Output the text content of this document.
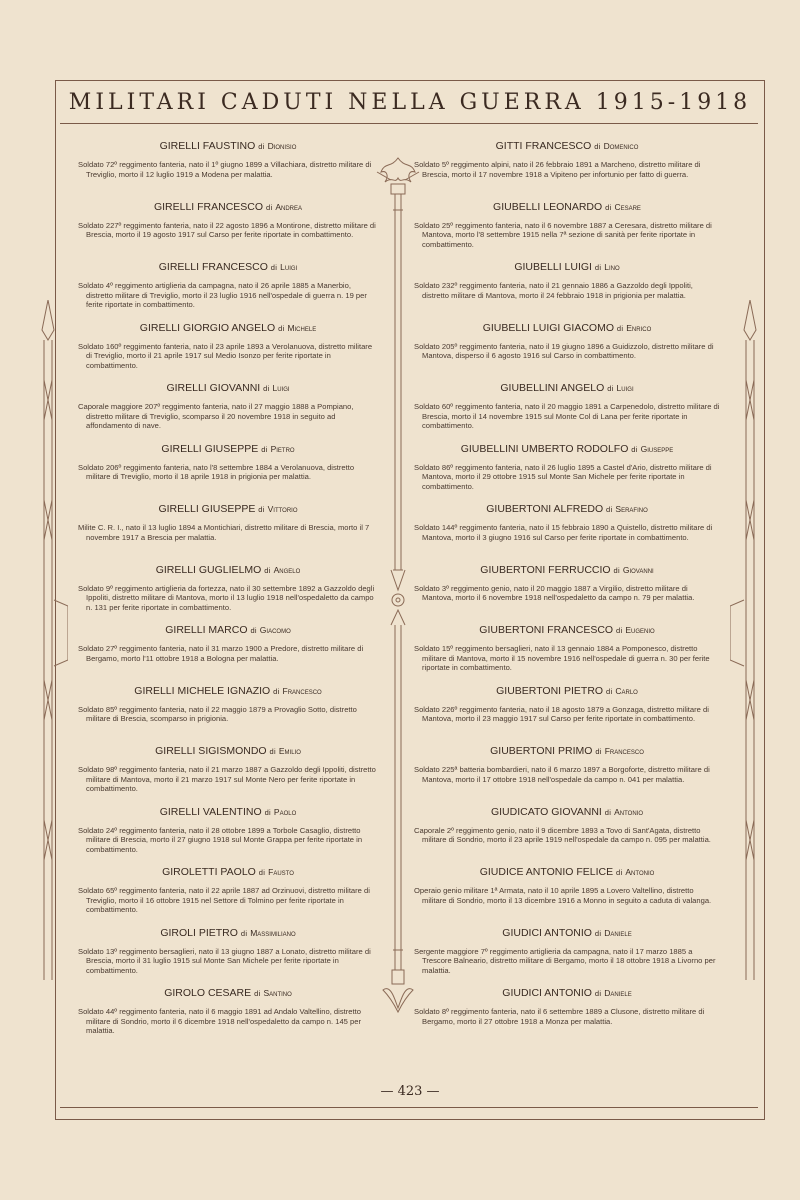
MILITARI CADUTI NELLA GUERRA 1915-1918
GIRELLI FAUSTINO di Dionisio
Soldato 72º reggimento fanteria, nato il 1º giugno 1899 a Villachiara, distretto militare di Treviglio, morto il 12 luglio 1919 a Modena per malattia.
GIRELLI FRANCESCO di Andrea
Soldato 227º reggimento fanteria, nato il 22 agosto 1896 a Montirone, distretto militare di Brescia, morto il 19 agosto 1917 sul Carso per ferite riportate in combattimento.
GIRELLI FRANCESCO di Luigi
Soldato 4º reggimento artiglieria da campagna, nato il 26 aprile 1885 a Manerbio, distretto militare di Treviglio, morto il 23 luglio 1916 nell'ospedale di guerra n. 19 per ferite riportate in combattimento.
GIRELLI GIORGIO ANGELO di Michele
Soldato 160º reggimento fanteria, nato il 23 aprile 1893 a Verolanuova, distretto militare di Treviglio, morto il 21 aprile 1917 sul Medio Isonzo per ferite riportate in combattimento.
GIRELLI GIOVANNI di Luigi
Caporale maggiore 207º reggimento fanteria, nato il 27 maggio 1888 a Pompiano, distretto militare di Treviglio, scomparso il 20 novembre 1918 in seguito ad affondamento di nave.
GIRELLI GIUSEPPE di Pietro
Soldato 206º reggimento fanteria, nato l'8 settembre 1884 a Verolanuova, distretto militare di Treviglio, morto il 18 aprile 1918 in prigionia per malattia.
GIRELLI GIUSEPPE di Vittorio
Milite C. R. I., nato il 13 luglio 1894 a Montichiari, distretto militare di Brescia, morto il 7 novembre 1917 a Brescia per malattia.
GIRELLI GUGLIELMO di Angelo
Soldato 9º reggimento artiglieria da fortezza, nato il 30 settembre 1892 a Gazzoldo degli Ippoliti, distretto militare di Mantova, morto il 13 luglio 1918 nell'ospedaletto da campo n. 131 per ferite riportate in combattimento.
GIRELLI MARCO di Giacomo
Soldato 27º reggimento fanteria, nato il 31 marzo 1900 a Predore, distretto militare di Bergamo, morto l'11 ottobre 1918 a Bologna per malattia.
GIRELLI MICHELE IGNAZIO di Francesco
Soldato 85º reggimento fanteria, nato il 22 maggio 1879 a Provaglio Sotto, distretto militare di Brescia, scomparso in prigionia.
GIRELLI SIGISMONDO di Emilio
Soldato 98º reggimento fanteria, nato il 21 marzo 1887 a Gazzoldo degli Ippoliti, distretto militare di Mantova, morto il 21 marzo 1917 sul Monte Nero per ferite riportate in combattimento.
GIRELLI VALENTINO di Paolo
Soldato 24º reggimento fanteria, nato il 28 ottobre 1899 a Torbole Casaglio, distretto militare di Brescia, morto il 27 giugno 1918 sul Monte Grappa per ferite riportate in combattimento.
GIROLETTI PAOLO di Fausto
Soldato 65º reggimento fanteria, nato il 22 aprile 1887 ad Orzinuovi, distretto militare di Treviglio, morto il 16 ottobre 1915 nel Settore di Tolmino per ferite riportate in combattimento.
GIROLI PIETRO di Massimiliano
Soldato 13º reggimento bersaglieri, nato il 13 giugno 1887 a Lonato, distretto militare di Brescia, morto il 31 luglio 1915 sul Monte San Michele per ferite riportate in combattimento.
GIROLO CESARE di Santino
Soldato 44º reggimento fanteria, nato il 6 maggio 1891 ad Andalo Valtellino, distretto militare di Sondrio, morto il 6 dicembre 1918 nell'ospedaletto da campo n. 145 per malattia.
GITTI FRANCESCO di Domenico
Soldato 5º reggimento alpini, nato il 26 febbraio 1891 a Marcheno, distretto militare di Brescia, morto il 17 novembre 1918 a Vipiteno per infortunio per fatto di guerra.
GIUBELLI LEONARDO di Cesare
Soldato 25º reggimento fanteria, nato il 6 novembre 1887 a Ceresara, distretto militare di Mantova, morto l'8 settembre 1915 nella 7ª sezione di sanità per ferite riportate in combattimento.
GIUBELLI LUIGI di Lino
Soldato 232º reggimento fanteria, nato il 21 gennaio 1886 a Gazzoldo degli Ippoliti, distretto militare di Mantova, morto il 24 febbraio 1918 in prigionia per malattia.
GIUBELLI LUIGI GIACOMO di Enrico
Soldato 205º reggimento fanteria, nato il 19 giugno 1896 a Guidizzolo, distretto militare di Mantova, disperso il 6 agosto 1916 sul Carso in combattimento.
GIUBELLINI ANGELO di Luigi
Soldato 60º reggimento fanteria, nato il 20 maggio 1891 a Carpenedolo, distretto militare di Brescia, morto il 14 novembre 1915 sul Monte Col di Lana per ferite riportate in combattimento.
GIUBELLINI UMBERTO RODOLFO di Giuseppe
Soldato 86º reggimento fanteria, nato il 26 luglio 1895 a Castel d'Ario, distretto militare di Mantova, morto il 29 ottobre 1915 sul Monte San Michele per ferite riportate in combattimento.
GIUBERTONI ALFREDO di Serafino
Soldato 144º reggimento fanteria, nato il 15 febbraio 1890 a Quistello, distretto militare di Mantova, morto il 3 giugno 1916 sul Carso per ferite riportate in combattimento.
GIUBERTONI FERRUCCIO di Giovanni
Soldato 3º reggimento genio, nato il 20 maggio 1887 a Virgilio, distretto militare di Mantova, morto il 6 novembre 1918 nell'ospedaletto da campo n. 79 per malattia.
GIUBERTONI FRANCESCO di Eugenio
Soldato 15º reggimento bersaglieri, nato il 13 gennaio 1884 a Pomponesco, distretto militare di Mantova, morto il 15 novembre 1916 nell'ospedale di guerra n. 30 per ferite riportate in combattimento.
GIUBERTONI PIETRO di Carlo
Soldato 226º reggimento fanteria, nato il 18 agosto 1879 a Gonzaga, distretto militare di Mantova, morto il 23 maggio 1917 sul Carso per ferite riportate in combattimento.
GIUBERTONI PRIMO di Francesco
Soldato 225ª batteria bombardieri, nato il 6 marzo 1897 a Borgoforte, distretto militare di Mantova, morto il 17 ottobre 1918 nell'ospedale da campo n. 041 per malattia.
GIUDICATO GIOVANNI di Antonio
Caporale 2º reggimento genio, nato il 9 dicembre 1893 a Tovo di Sant'Agata, distretto militare di Sondrio, morto il 23 aprile 1919 nell'ospedale da campo n. 095 per malattia.
GIUDICE ANTONIO FELICE di Antonio
Operaio genio militare 1ª Armata, nato il 10 aprile 1895 a Lovero Valtellino, distretto militare di Sondrio, morto il 13 dicembre 1916 a Monno in seguito a caduta di valanga.
GIUDICI ANTONIO di Daniele
Sergente maggiore 7º reggimento artiglieria da campagna, nato il 17 marzo 1885 a Trescore Balneario, distretto militare di Bergamo, morto il 18 ottobre 1918 a Livorno per malattia.
GIUDICI ANTONIO di Daniele
Soldato 8º reggimento fanteria, nato il 6 settembre 1889 a Clusone, distretto militare di Bergamo, morto il 27 ottobre 1918 a Monza per malattia.
— 423 —
